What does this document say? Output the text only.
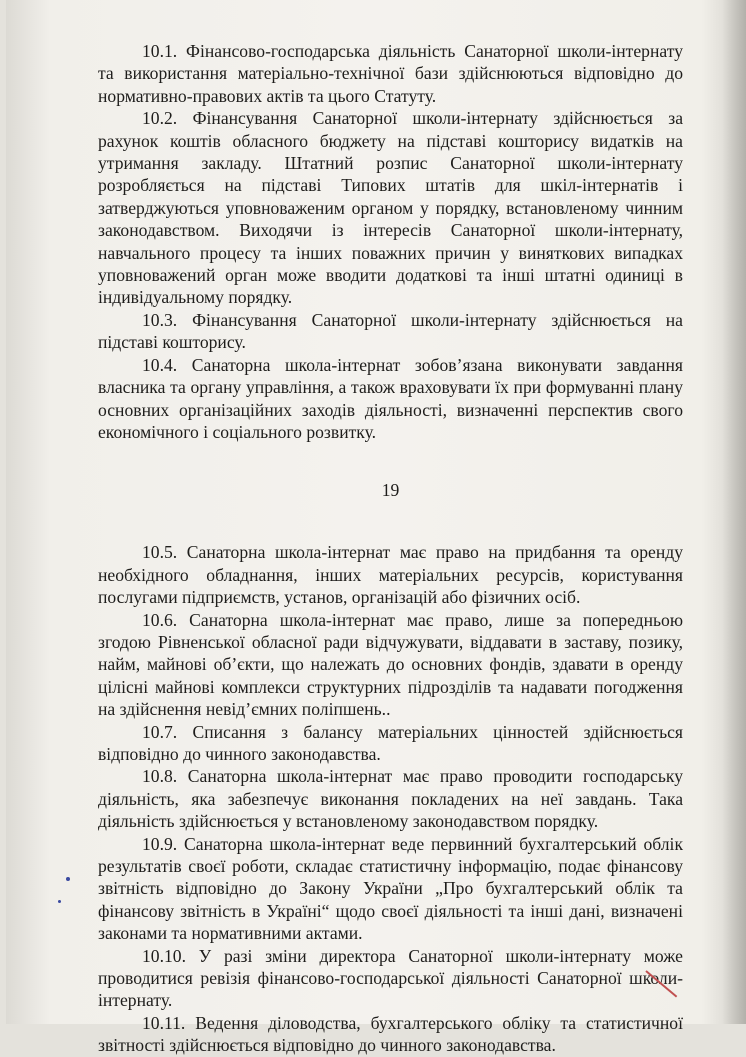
10.1. Фінансово-господарська діяльність Санаторної школи-інтернату та використання матеріально-технічної бази здійснюються відповідно до нормативно-правових актів та цього Статуту.

10.2. Фінансування Санаторної школи-інтернату здійснюється за рахунок коштів обласного бюджету на підставі кошторису видатків на утримання закладу. Штатний розпис Санаторної школи-інтернату розробляється на підставі Типових штатів для шкіл-інтернатів і затверджуються уповноваженим органом у порядку, встановленому чинним законодавством. Виходячи із інтересів Санаторної школи-інтернату, навчального процесу та інших поважних причин у виняткових випадках уповноважений орган може вводити додаткові та інші штатні одиниці в індивідуальному порядку.

10.3. Фінансування Санаторної школи-інтернату здійснюється на підставі кошторису.

10.4. Санаторна школа-інтернат зобов’язана виконувати завдання власника та органу управління, а також враховувати їх при формуванні плану основних організаційних заходів діяльності, визначенні перспектив свого економічного і соціального розвитку.

19

10.5. Санаторна школа-інтернат має право на придбання та оренду необхідного обладнання, інших матеріальних ресурсів, користування послугами підприємств, установ, організацій або фізичних осіб.

10.6. Санаторна школа-інтернат має право, лише за попередньою згодою Рівненської обласної ради відчужувати, віддавати в заставу, позику, найм, майнові об’єкти, що належать до основних фондів, здавати в оренду цілісні майнові комплекси структурних підрозділів та надавати погодження на здійснення невід’ємних поліпшень..

10.7. Списання з балансу матеріальних цінностей здійснюється відповідно до чинного законодавства.

10.8. Санаторна школа-інтернат має право проводити господарську діяльність, яка забезпечує виконання покладених на неї завдань. Така діяльність здійснюється у встановленому законодавством порядку.

10.9. Санаторна школа-інтернат веде первинний бухгалтерський облік результатів своєї роботи, складає статистичну інформацію, подає фінансову звітність відповідно до Закону України „Про бухгалтерський облік та фінансову звітність в Україні“ щодо своєї діяльності та інші дані, визначені законами та нормативними актами.

10.10. У разі зміни директора Санаторної школи-інтернату може проводитися ревізія фінансово-господарської діяльності Санаторної школи-інтернату.

10.11. Ведення діловодства, бухгалтерського обліку та статистичної звітності здійснюється відповідно до чинного законодавства.
